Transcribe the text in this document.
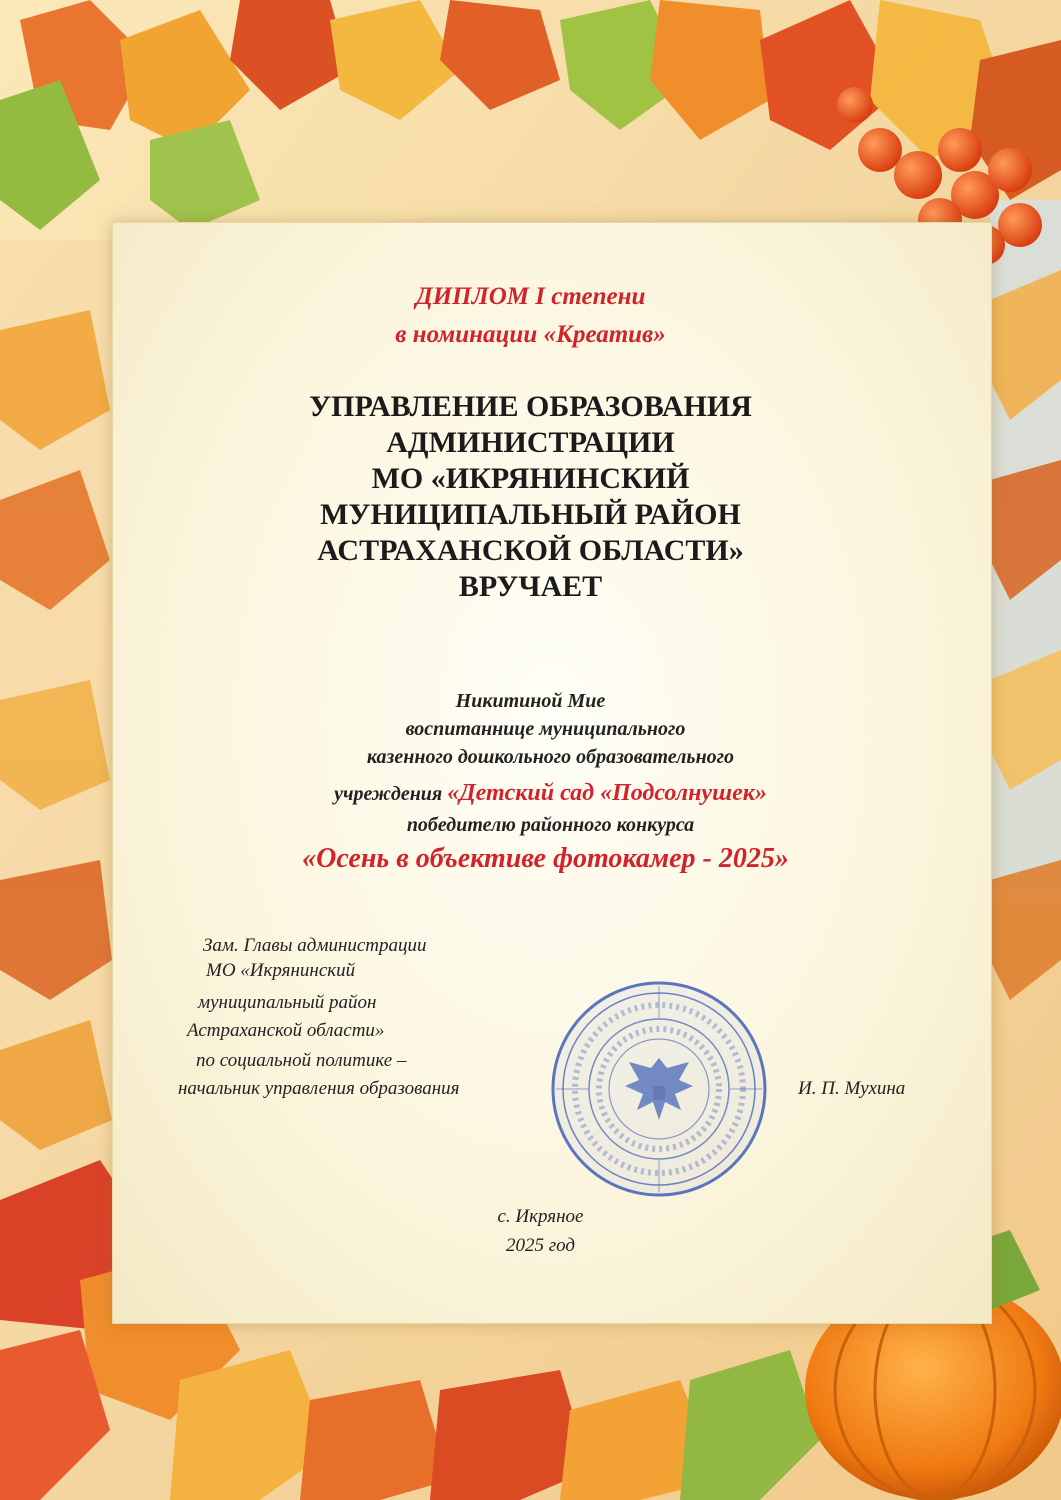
ДИПЛОМ I степени
в номинации «Креатив»
УПРАВЛЕНИЕ ОБРАЗОВАНИЯ
АДМИНИСТРАЦИИ
МО «ИКРЯНИНСКИЙ
МУНИЦИПАЛЬНЫЙ РАЙОН
АСТРАХАНСКОЙ ОБЛАСТИ»
ВРУЧАЕТ
Никитиной Мие
воспитаннице муниципального
казенного дошкольного образовательного
учреждения «Детский сад «Подсолнушек»
победителю районного конкурса
«Осень в объективе фотокамер - 2025»
Зам. Главы администрации
МО «Икрянинский
муниципальный район
Астраханской области»
по социальной политике –
начальник управления образования	И. П. Мухина
с. Икряное
2025 год
